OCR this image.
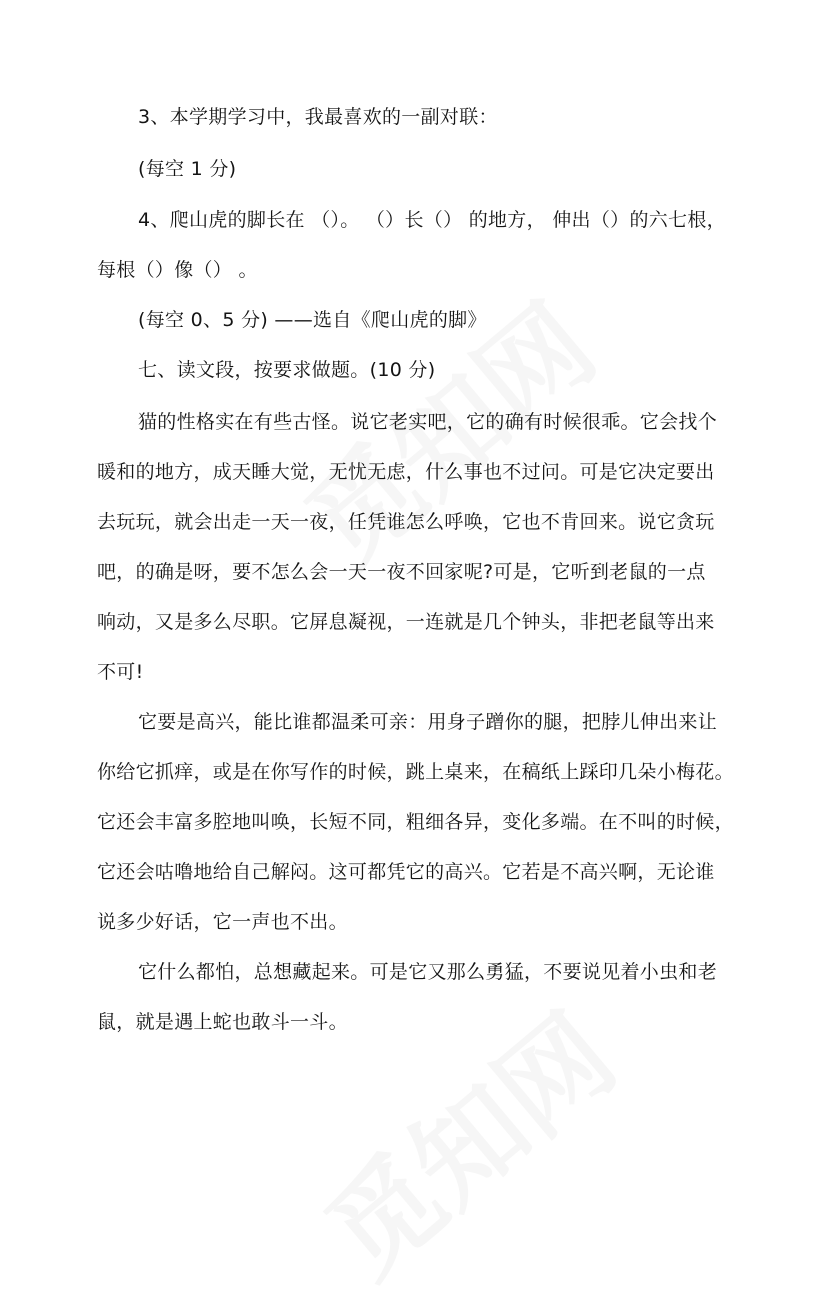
3、本学期学习中，我最喜欢的一副对联：
(每空 1 分)
4、爬山虎的脚长在 （）。 （）长（） 的地方， 伸出（）的六七根，
每根（）像（） 。
(每空 0、5 分) ——选自《爬山虎的脚》
七、读文段，按要求做题。(10 分)
猫的性格实在有些古怪。说它老实吧，它的确有时候很乖。它会找个
暖和的地方，成天睡大觉，无忧无虑，什么事也不过问。可是它决定要出
去玩玩，就会出走一天一夜，任凭谁怎么呼唤，它也不肯回来。说它贪玩
吧，的确是呀，要不怎么会一天一夜不回家呢?可是，它听到老鼠的一点
响动，又是多么尽职。它屏息凝视，一连就是几个钟头，非把老鼠等出来
不可!
它要是高兴，能比谁都温柔可亲：用身子蹭你的腿，把脖儿伸出来让
你给它抓痒，或是在你写作的时候，跳上桌来，在稿纸上踩印几朵小梅花。
它还会丰富多腔地叫唤，长短不同，粗细各异，变化多端。在不叫的时候，
它还会咕噜地给自己解闷。这可都凭它的高兴。它若是不高兴啊，无论谁
说多少好话，它一声也不出。
它什么都怕，总想藏起来。可是它又那么勇猛，不要说见着小虫和老
鼠，就是遇上蛇也敢斗一斗。
